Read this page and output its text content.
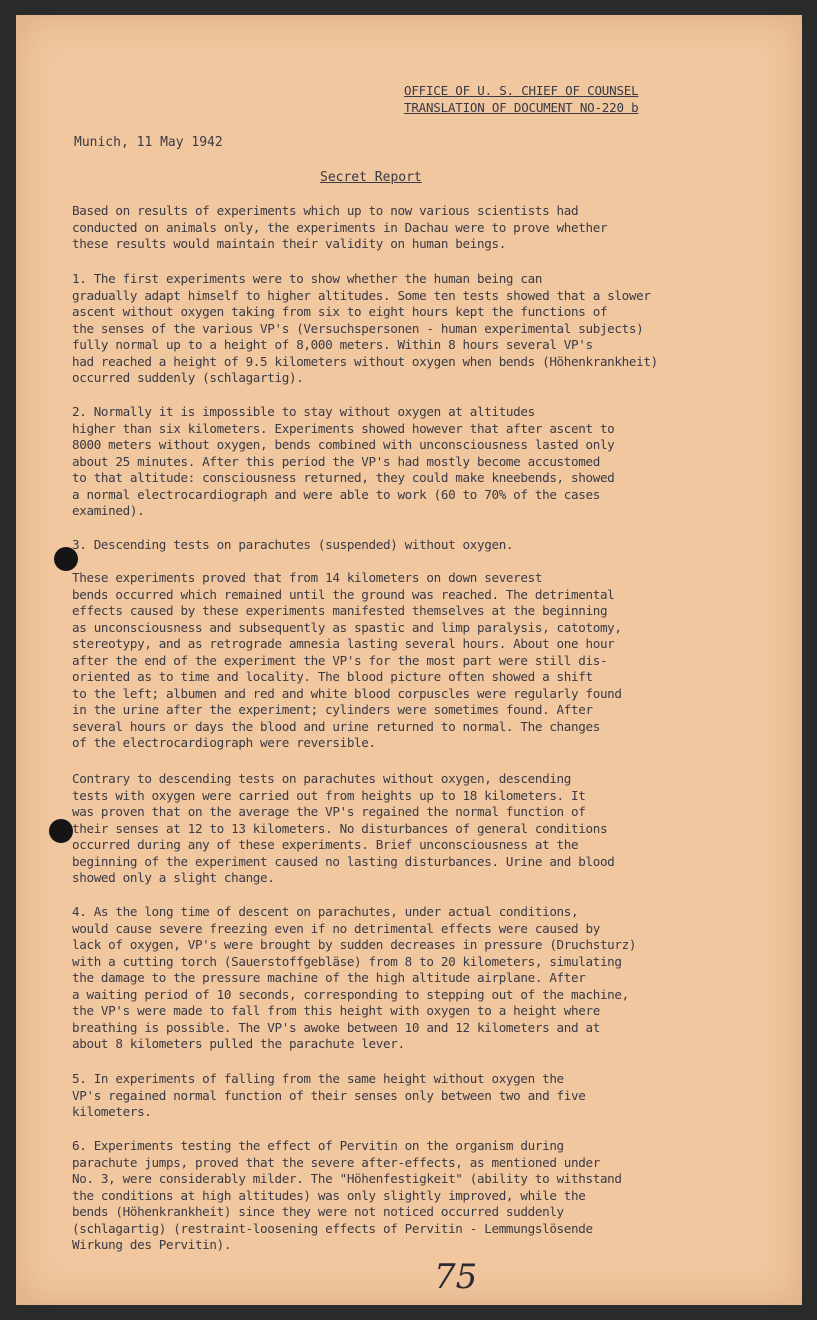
OFFICE OF U. S. CHIEF OF COUNSEL
TRANSLATION OF DOCUMENT NO-220 b
Munich, 11 May 1942
Secret Report
Based on results of experiments which up to now various scientists had
conducted on animals only, the experiments in Dachau were to prove whether
these results would maintain their validity on human beings.
1. The first experiments were to show whether the human being can
gradually adapt himself to higher altitudes. Some ten tests showed that a slower
ascent without oxygen taking from six to eight hours kept the functions of
the senses of the various VP's (Versuchspersonen - human experimental subjects)
fully normal up to a height of 8,000 meters. Within 8 hours several VP's
had reached a height of 9.5 kilometers without oxygen when bends (Höhenkrankheit)
occurred suddenly (schlagartig).
2. Normally it is impossible to stay without oxygen at altitudes
higher than six kilometers. Experiments showed however that after ascent to
8000 meters without oxygen, bends combined with unconsciousness lasted only
about 25 minutes. After this period the VP's had mostly become accustomed
to that altitude: consciousness returned, they could make kneebends, showed
a normal electrocardiograph and were able to work (60 to 70% of the cases
examined).
3. Descending tests on parachutes (suspended) without oxygen.
These experiments proved that from 14 kilometers on down severest
bends occurred which remained until the ground was reached. The detrimental
effects caused by these experiments manifested themselves at the beginning
as unconsciousness and subsequently as spastic and limp paralysis, catotomy,
stereotypy, and as retrograde amnesia lasting several hours. About one hour
after the end of the experiment the VP's for the most part were still dis-
oriented as to time and locality. The blood picture often showed a shift
to the left; albumen and red and white blood corpuscles were regularly found
in the urine after the experiment; cylinders were sometimes found. After
several hours or days the blood and urine returned to normal. The changes
of the electrocardiograph were reversible.
Contrary to descending tests on parachutes without oxygen, descending
tests with oxygen were carried out from heights up to 18 kilometers. It
was proven that on the average the VP's regained the normal function of
their senses at 12 to 13 kilometers. No disturbances of general conditions
occurred during any of these experiments. Brief unconsciousness at the
beginning of the experiment caused no lasting disturbances. Urine and blood
showed only a slight change.
4. As the long time of descent on parachutes, under actual conditions,
would cause severe freezing even if no detrimental effects were caused by
lack of oxygen, VP's were brought by sudden decreases in pressure (Druchsturz)
with a cutting torch (Sauerstoffgebläse) from 8 to 20 kilometers, simulating
the damage to the pressure machine of the high altitude airplane. After
a waiting period of 10 seconds, corresponding to stepping out of the machine,
the VP's were made to fall from this height with oxygen to a height where
breathing is possible. The VP's awoke between 10 and 12 kilometers and at
about 8 kilometers pulled the parachute lever.
5. In experiments of falling from the same height without oxygen the
VP's regained normal function of their senses only between two and five
kilometers.
6. Experiments testing the effect of Pervitin on the organism during
parachute jumps, proved that the severe after-effects, as mentioned under
No. 3, were considerably milder. The "Höhenfestigkeit" (ability to withstand
the conditions at high altitudes) was only slightly improved, while the
bends (Höhenkrankheit) since they were not noticed occurred suddenly
(schlagartig) (restraint-loosening effects of Pervitin - Lemmungslösende
Wirkung des Pervitin).
75
